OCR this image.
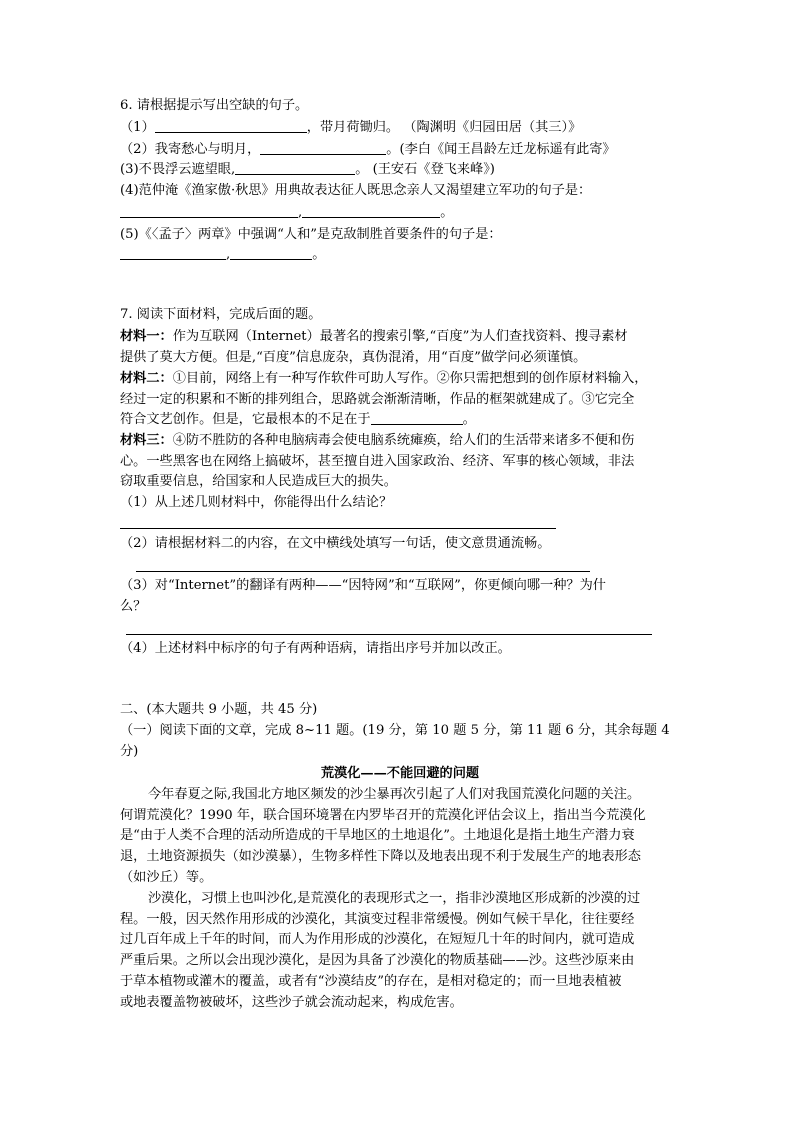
6. 请根据提示写出空缺的句子。
（1）	，带月荷锄归。 （陶渊明《归园田居（其三）》
（2）我寄愁心与明月，	。(李白《闻王昌龄左迁龙标遥有此寄》
(3)不畏浮云遮望眼,	。 (王安石《登飞来峰》)
(4)范仲淹《渔家傲·秋思》用典故表达征人既思念亲人又渴望建立军功的句子是：
,	。
(5)《〈孟子〉两章》中强调“人和”是克敌制胜首要条件的句子是：
,	。
7. 阅读下面材料，完成后面的题。
材料一：作为互联网（Internet）最著名的搜索引擎,“百度”为人们查找资料、搜寻素材
提供了莫大方便。但是,“百度”信息庞杂，真伪混淆，用“百度”做学问必须谨慎。
材料二：①目前，网络上有一种写作软件可助人写作。②你只需把想到的创作原材料输入，
经过一定的积累和不断的排列组合，思路就会渐渐清晰，作品的框架就建成了。③它完全
符合文艺创作。但是，它最根本的不足在于	。
材料三：④防不胜防的各种电脑病毒会使电脑系统瘫痪，给人们的生活带来诸多不便和伤
心。一些黑客也在网络上搞破坏，甚至擅自进入国家政治、经济、军事的核心领域，非法
窃取重要信息，给国家和人民造成巨大的损失。
（1）从上述几则材料中，你能得出什么结论？
（2）请根据材料二的内容，在文中横线处填写一句话，使文意贯通流畅。
（3）对“Internet”的翻译有两种——“因特网”和“互联网”，你更倾向哪一种？为什
么？
（4）上述材料中标序的句子有两种语病，请指出序号并加以改正。
二、(本大题共 9 小题，共 45 分)
（一）阅读下面的文章，完成 8~11 题。(19 分，第 10 题 5 分，第 11 题 6 分，其余每题 4
分)
荒漠化——不能回避的问题
今年春夏之际,我国北方地区频发的沙尘暴再次引起了人们对我国荒漠化问题的关注。
何谓荒漠化？1990 年，联合国环境署在内罗毕召开的荒漠化评估会议上，指出当今荒漠化
是“由于人类不合理的活动所造成的干旱地区的土地退化”。土地退化是指土地生产潜力衰
退，土地资源损失（如沙漠暴），生物多样性下降以及地表出现不利于发展生产的地表形态
（如沙丘）等。
沙漠化，习惯上也叫沙化,是荒漠化的表现形式之一，指非沙漠地区形成新的沙漠的过
程。一般，因天然作用形成的沙漠化，其演变过程非常缓慢。例如气候干旱化，往往要经
过几百年成上千年的时间，而人为作用形成的沙漠化，在短短几十年的时间内，就可造成
严重后果。之所以会出现沙漠化，是因为具备了沙漠化的物质基础——沙。这些沙原来由
于草本植物或灌木的覆盖，或者有“沙漠结皮”的存在，是相对稳定的；而一旦地表植被
或地表覆盖物被破坏，这些沙子就会流动起来，构成危害。
